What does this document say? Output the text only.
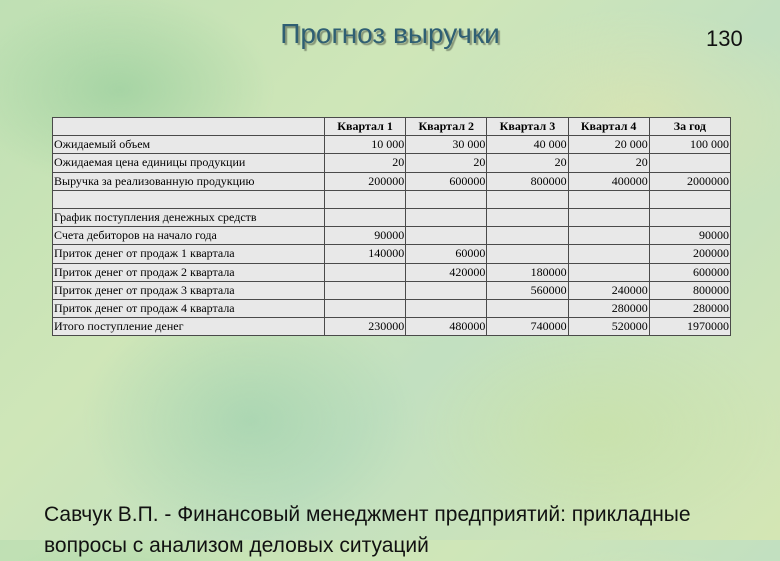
Прогноз выручки	130
	Квартал 1	Квартал 2	Квартал 3	Квартал 4	За год
Ожидаемый объем	10 000	30 000	40 000	20 000	100 000
Ожидаемая цена единицы продукции	20	20	20	20	
Выручка за реализованную продукцию	200000	600000	800000	400000	2000000

График поступления денежных средств					
Счета дебиторов на начало года	90000				90000
Приток денег от продаж 1 квартала	140000	60000			200000
Приток денег от продаж 2 квартала		420000	180000		600000
Приток денег от продаж 3 квартала			560000	240000	800000
Приток денег от продаж 4 квартала				280000	280000
Итого поступление денег	230000	480000	740000	520000	1970000
Савчук В.П. - Финансовый менеджмент предприятий: прикладные вопросы с анализом деловых ситуаций
